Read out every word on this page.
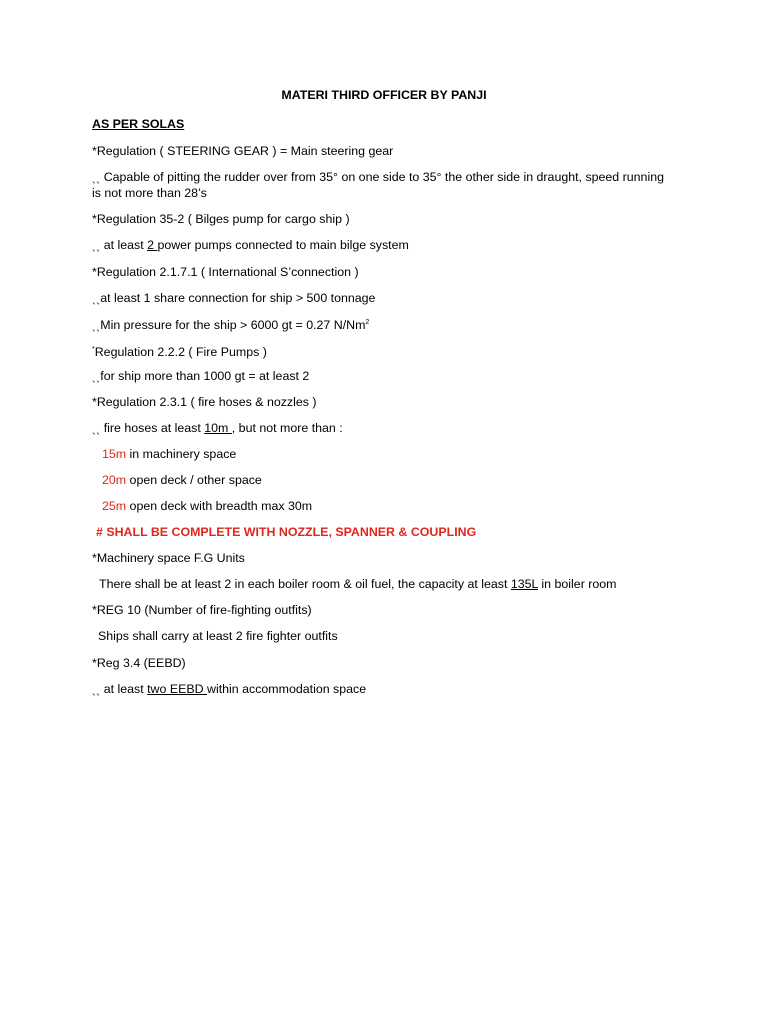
MATERI THIRD OFFICER BY PANJI
AS PER SOLAS
*Regulation ( STEERING GEAR ) = Main steering gear
ˎˎ Capable of pitting the rudder over from 35° on one side to 35° the other side in draught, speed running is not more than 28’s
*Regulation 35-2 ( Bilges pump for cargo ship )
ˎˎ at least 2 power pumps connected to main bilge system
*Regulation 2.1.7.1 ( International S’connection )
ˎˎat least 1 share connection for ship > 500 tonnage
ˎˎMin pressure for the ship > 6000 gt = 0.27 N/Nm$^2$
*Regulation 2.2.2 ( Fire Pumps )
ˎˎfor ship more than 1000 gt = at least 2
*Regulation 2.3.1 ( fire hoses & nozzles )
ˎˎ fire hoses at least 10m , but not more than :
15m in machinery space
20m open deck / other space
25m open deck with breadth max 30m
# SHALL BE COMPLETE WITH NOZZLE, SPANNER & COUPLING
*Machinery space F.G Units
There shall be at least 2 in each boiler room & oil fuel, the capacity at least 135L in boiler room
*REG 10 (Number of fire-fighting outfits)
Ships shall carry at least 2 fire fighter outfits
*Reg 3.4 (EEBD)
ˎˎ at least two EEBD within accommodation space
